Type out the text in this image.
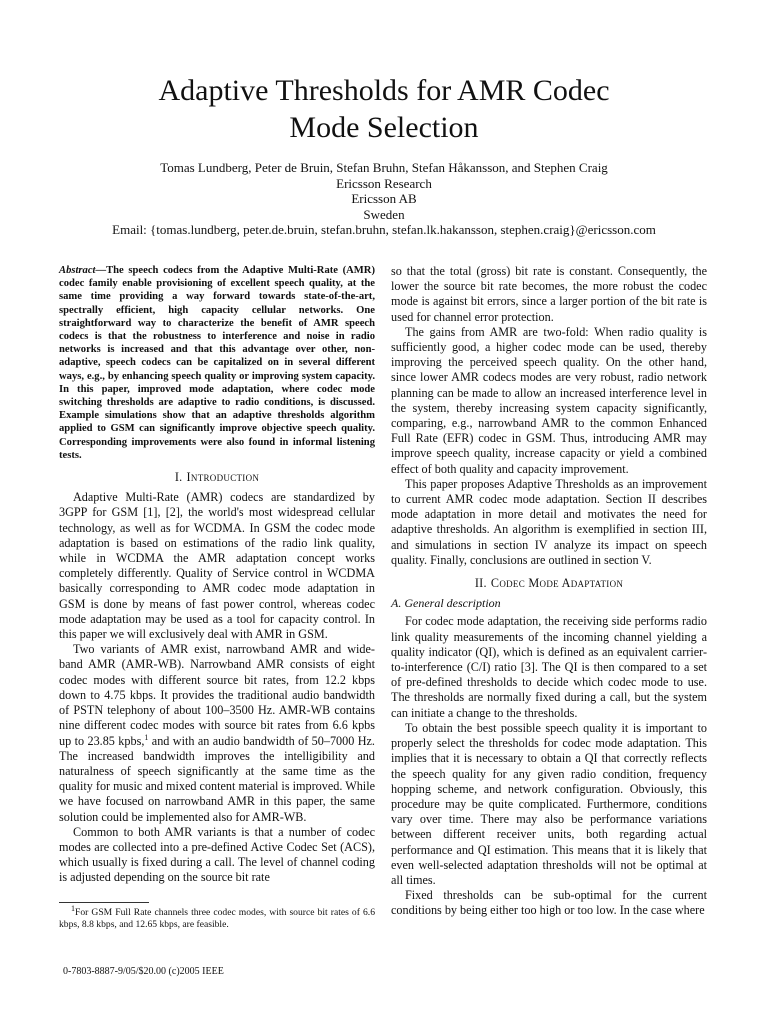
Adaptive Thresholds for AMR Codec
Mode Selection
Tomas Lundberg, Peter de Bruin, Stefan Bruhn, Stefan Håkansson, and Stephen Craig
Ericsson Research
Ericsson AB
Sweden
Email: {tomas.lundberg, peter.de.bruin, stefan.bruhn, stefan.lk.hakansson, stephen.craig}@ericsson.com

Abstract—The speech codecs from the Adaptive Multi-Rate (AMR) codec family enable provisioning of excellent speech quality, at the same time providing a way forward towards state-of-the-art, spectrally efficient, high capacity cellular networks. One straightforward way to characterize the benefit of AMR speech codecs is that the robustness to interference and noise in radio networks is increased and that this advantage over other, non-adaptive, speech codecs can be capitalized on in several different ways, e.g., by enhancing speech quality or improving system capacity. In this paper, improved mode adaptation, where codec mode switching thresholds are adaptive to radio conditions, is discussed. Example simulations show that an adaptive thresholds algorithm applied to GSM can significantly improve objective speech quality. Corresponding improvements were also found in informal listening tests.

I. Introduction

Adaptive Multi-Rate (AMR) codecs are standardized by 3GPP for GSM [1], [2], the world's most widespread cellular technology, as well as for WCDMA. In GSM the codec mode adaptation is based on estimations of the radio link quality, while in WCDMA the AMR adaptation concept works completely differently. Quality of Service control in WCDMA basically corresponding to AMR codec mode adaptation in GSM is done by means of fast power control, whereas codec mode adaptation may be used as a tool for capacity control. In this paper we will exclusively deal with AMR in GSM.

Two variants of AMR exist, narrowband AMR and wide-band AMR (AMR-WB). Narrowband AMR consists of eight codec modes with different source bit rates, from 12.2 kbps down to 4.75 kbps. It provides the traditional audio bandwidth of PSTN telephony of about 100–3500 Hz. AMR-WB contains nine different codec modes with source bit rates from 6.6 kpbs up to 23.85 kpbs,$^1$ and with an audio bandwidth of 50–7000 Hz. The increased bandwidth improves the intelligibility and naturalness of speech significantly at the same time as the quality for music and mixed content material is improved. While we have focused on narrowband AMR in this paper, the same solution could be implemented also for AMR-WB.

Common to both AMR variants is that a number of codec modes are collected into a pre-defined Active Codec Set (ACS), which usually is fixed during a call. The level of channel coding is adjusted depending on the source bit rate

$^1$For GSM Full Rate channels three codec modes, with source bit rates of 6.6 kbps, 8.8 kbps, and 12.65 kbps, are feasible.

so that the total (gross) bit rate is constant. Consequently, the lower the source bit rate becomes, the more robust the codec mode is against bit errors, since a larger portion of the bit rate is used for channel error protection.

The gains from AMR are two-fold: When radio quality is sufficiently good, a higher codec mode can be used, thereby improving the perceived speech quality. On the other hand, since lower AMR codecs modes are very robust, radio network planning can be made to allow an increased interference level in the system, thereby increasing system capacity significantly, comparing, e.g., narrowband AMR to the common Enhanced Full Rate (EFR) codec in GSM. Thus, introducing AMR may improve speech quality, increase capacity or yield a combined effect of both quality and capacity improvement.

This paper proposes Adaptive Thresholds as an improvement to current AMR codec mode adaptation. Section II describes mode adaptation in more detail and motivates the need for adaptive thresholds. An algorithm is exemplified in section III, and simulations in section IV analyze its impact on speech quality. Finally, conclusions are outlined in section V.

II. Codec Mode Adaptation
A. General description

For codec mode adaptation, the receiving side performs radio link quality measurements of the incoming channel yielding a quality indicator (QI), which is defined as an equivalent carrier-to-interference (C/I) ratio [3]. The QI is then compared to a set of pre-defined thresholds to decide which codec mode to use. The thresholds are normally fixed during a call, but the system can initiate a change to the thresholds.

To obtain the best possible speech quality it is important to properly select the thresholds for codec mode adaptation. This implies that it is necessary to obtain a QI that correctly reflects the speech quality for any given radio condition, frequency hopping scheme, and network configuration. Obviously, this procedure may be quite complicated. Furthermore, conditions vary over time. There may also be performance variations between different receiver units, both regarding actual performance and QI estimation. This means that it is likely that even well-selected adaptation thresholds will not be optimal at all times.

Fixed thresholds can be sub-optimal for the current conditions by being either too high or too low. In the case where

0-7803-8887-9/05/$20.00 (c)2005 IEEE
